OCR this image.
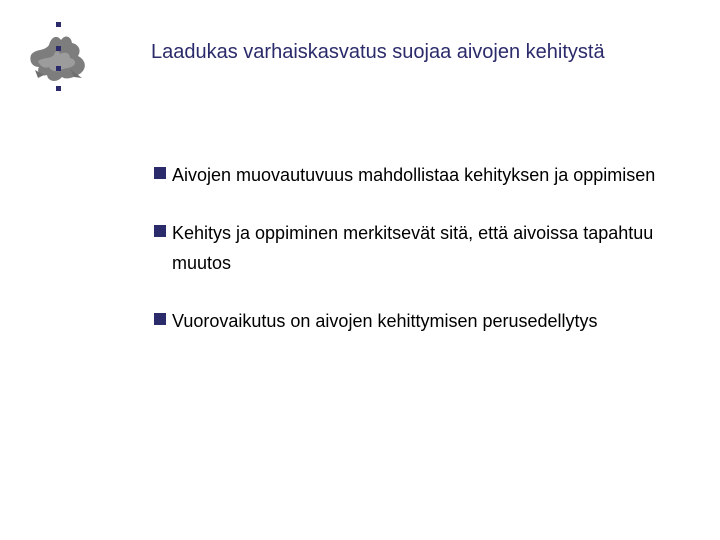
Laadukas varhaiskasvatus suojaa aivojen kehitystä
Aivojen muovautuvuus mahdollistaa kehityksen ja oppimisen
Kehitys ja oppiminen merkitsevät sitä, että aivoissa tapahtuu muutos
Vuorovaikutus on aivojen kehittymisen perusedellytys
